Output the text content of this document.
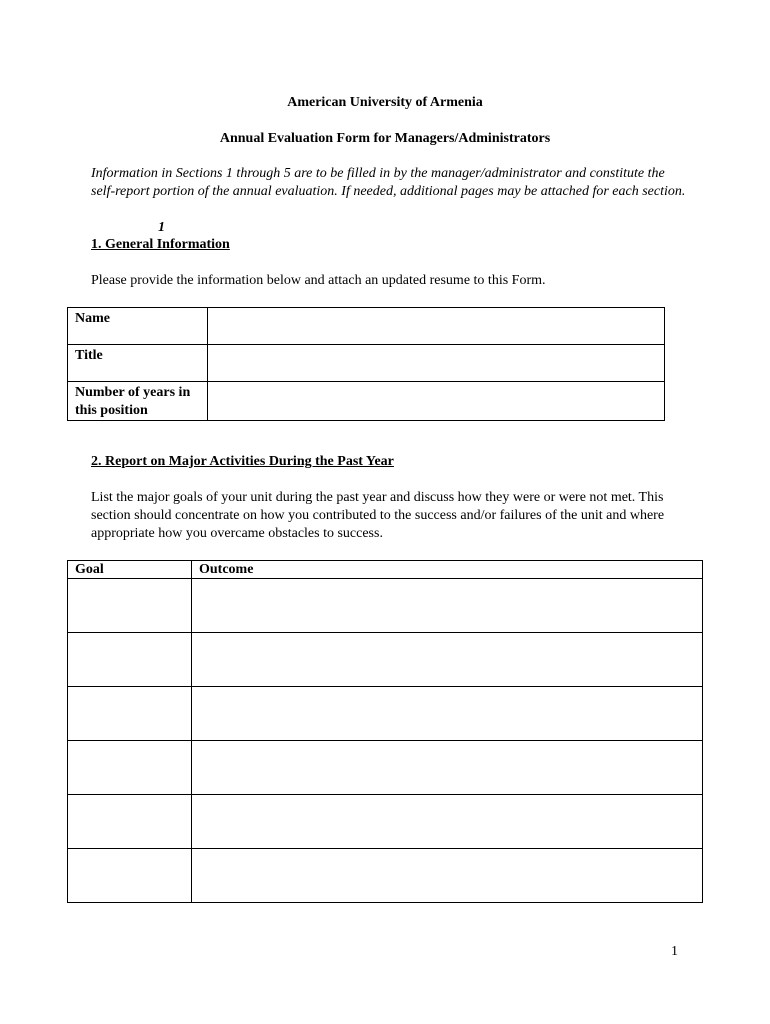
American University of Armenia

Annual Evaluation Form for Managers/Administrators

Information in Sections 1 through 5 are to be filled in by the manager/administrator and constitute the self-report portion of the annual evaluation. If needed, additional pages may be attached for each section.

1

1. General Information

Please provide the information below and attach an updated resume to this Form.

Name	
Title	
Number of years in this position	

2. Report on Major Activities During the Past Year

List the major goals of your unit during the past year and discuss how they were or were not met. This section should concentrate on how you contributed to the success and/or failures of the unit and where appropriate how you overcame obstacles to success.

Goal	Outcome

1
